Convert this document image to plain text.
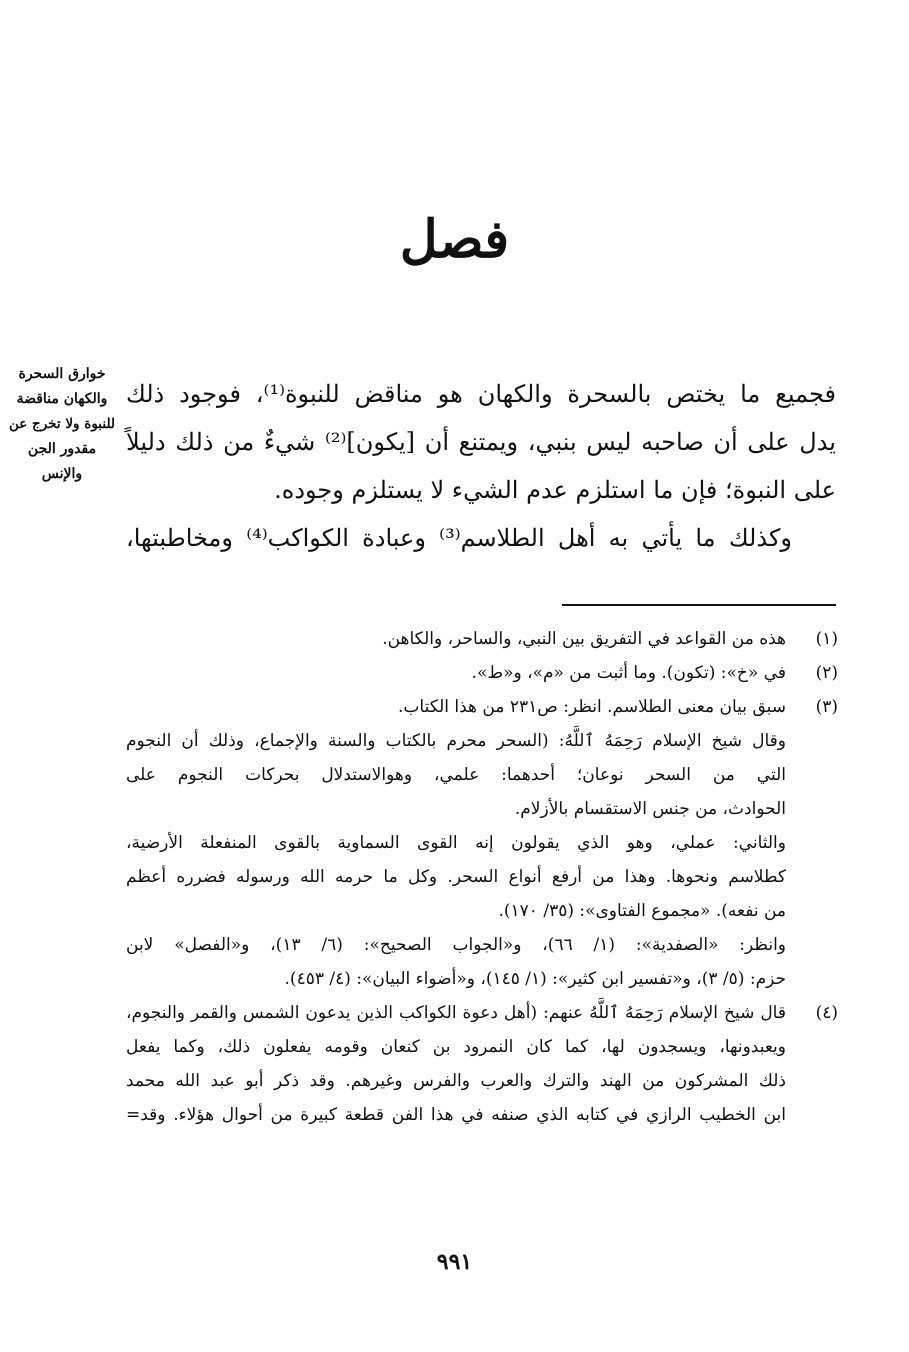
فصل
خوارق السحرة
والكهان مناقضة
للنبوة ولا تخرج عن
مقدور الجن
والإنس
فجميع ما يختص بالسحرة والكهان هو مناقض للنبوة⁽¹⁾، فوجود ذلك
يدل على أن صاحبه ليس بنبي، ويمتنع أن [يكون]⁽²⁾ شيءٌ من ذلك دليلاً
على النبوة؛ فإن ما استلزم عدم الشيء لا يستلزم وجوده.
وكذلك ما يأتي به أهل الطلاسم⁽³⁾ وعبادة الكواكب⁽⁴⁾ ومخاطبتها،
(١)
هذه من القواعد في التفريق بين النبي، والساحر، والكاهن.
(٢)
في «خ»: (تكون). وما أثبت من «م»، و«ط».
(٣)
سبق بيان معنى الطلاسم. انظر: ص٢٣١ من هذا الكتاب.
وقال شيخ الإسلام رَحِمَهُ ٱللَّهُ: (السحر محرم بالكتاب والسنة والإجماع، وذلك أن النجوم
التي من السحر نوعان؛ أحدهما: علمي، وهوالاستدلال بحركات النجوم على
الحوادث، من جنس الاستقسام بالأزلام.
والثاني: عملي، وهو الذي يقولون إنه القوى السماوية بالقوى المنفعلة الأرضية،
كطلاسم ونحوها. وهذا من أرفع أنواع السحر. وكل ما حرمه الله ورسوله فضرره أعظم
من نفعه). «مجموع الفتاوى»: (٣٥/ ١٧٠).
وانظر: «الصفدية»: (١/ ٦٦)، و«الجواب الصحيح»: (٦/ ١٣)، و«الفصل» لابن
حزم: (٥/ ٣)، و«تفسير ابن كثير»: (١/ ١٤٥)، و«أضواء البيان»: (٤/ ٤٥٣).
(٤)
قال شيخ الإسلام رَحِمَهُ ٱللَّهُ عنهم: (أهل دعوة الكواكب الذين يدعون الشمس والقمر والنجوم،
ويعبدونها، ويسجدون لها، كما كان النمرود بن كنعان وقومه يفعلون ذلك، وكما يفعل
ذلك المشركون من الهند والترك والعرب والفرس وغيرهم. وقد ذكر أبو عبد الله محمد
ابن الخطيب الرازي في كتابه الذي صنفه في هذا الفن قطعة كبيرة من أحوال هؤلاء. وقد=
٩٩١
